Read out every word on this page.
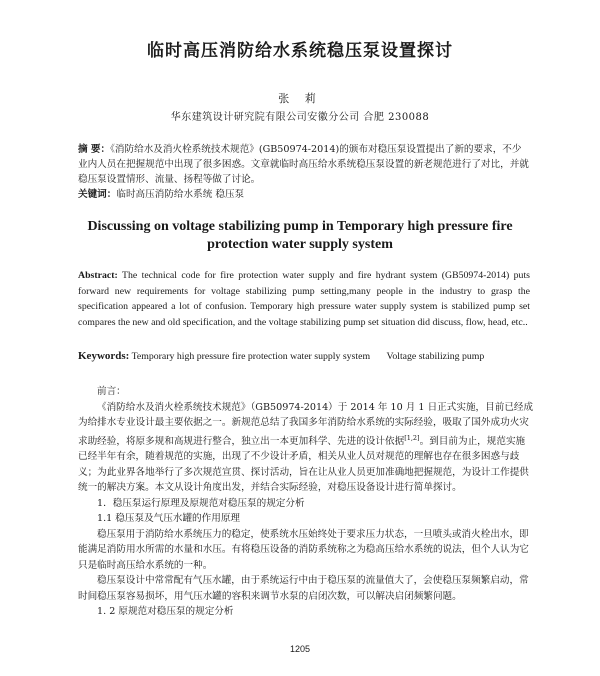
临时高压消防给水系统稳压泵设置探讨
张 莉
华东建筑设计研究院有限公司安徽分公司 合肥 230088
摘 要：《消防给水及消火栓系统技术规范》(GB50974-2014)的颁布对稳压泵设置提出了新的要求，不少业内人员在把握规范中出现了很多困惑。文章就临时高压给水系统稳压泵设置的新老规范进行了对比，并就稳压泵设置情形、流量、扬程等做了讨论。
关键词：临时高压消防给水系统 稳压泵
Discussing on voltage stabilizing pump in Temporary high pressure fire protection water supply system
Abstract: The technical code for fire protection water supply and fire hydrant system (GB50974-2014) puts forward new requirements for voltage stabilizing pump setting,many people in the industry to grasp the specification appeared a lot of confusion. Temporary high pressure water supply system is stabilized pump set compares the new and old specification, and the voltage stabilizing pump set situation did discuss, flow, head, etc..
Keywords: Temporary high pressure fire protection water supply system Voltage stabilizing pump

前言：

《消防给水及消火栓系统技术规范》（GB50974-2014）于 2014 年 10 月 1 日正式实施，目前已经成为给排水专业设计最主要依据之一。新规范总结了我国多年消防给水系统的实际经验，吸取了国外成功火灾求助经验，将原多规和高规进行整合，独立出一本更加科学、先进的设计依据[1,2]。到目前为止，规范实施已经半年有余，随着规范的实施，出现了不少设计矛盾，相关从业人员对规范的理解也存在很多困惑与歧义；为此业界各地举行了多次规范宣贯、探讨活动，旨在让从业人员更加准确地把握规范，为设计工作提供统一的解决方案。本文从设计角度出发，并结合实际经验，对稳压设备设计进行简单探讨。

1．稳压泵运行原理及原规范对稳压泵的规定分析

1.1 稳压泵及气压水罐的作用原理

稳压泵用于消防给水系统压力的稳定，使系统水压始终处于要求压力状态，一旦喷头或消火栓出水，即能满足消防用水所需的水量和水压。有将稳压设备的消防系统称之为稳高压给水系统的说法，但个人认为它只是临时高压给水系统的一种。

稳压泵设计中常常配有气压水罐，由于系统运行中由于稳压泵的流量值大了，会使稳压泵频繁启动，常时间稳压泵容易损坏，用气压水罐的容积来调节水泵的启闭次数，可以解决启闭频繁问题。

1. 2 原规范对稳压泵的规定分析

1205
